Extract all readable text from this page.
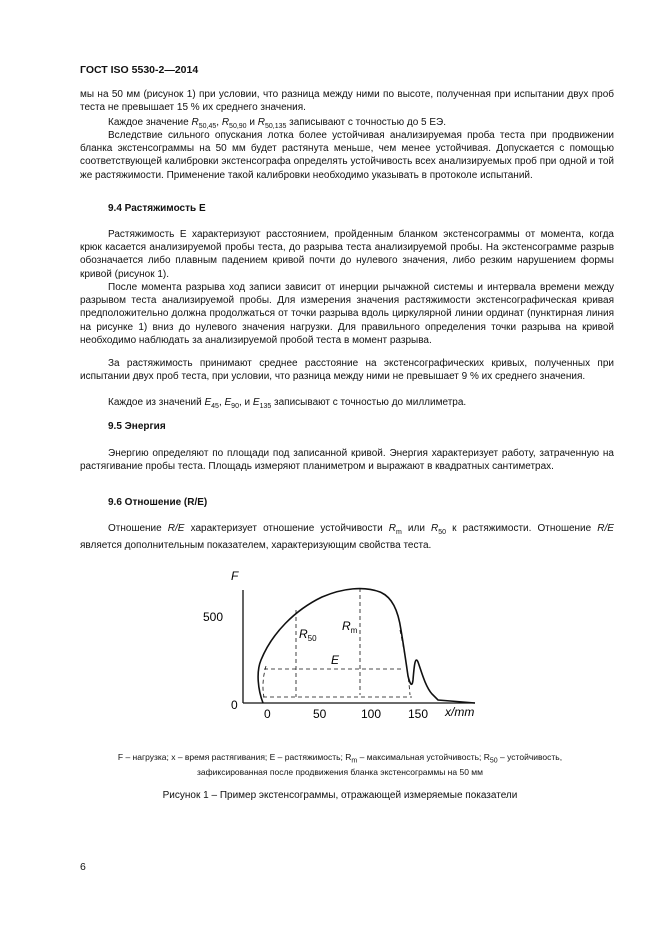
ГОСТ ISO 5530-2—2014

мы на 50 мм (рисунок 1) при условии, что разница между ними по высоте, полученная при испытании двух проб теста не превышает 15 % их среднего значения.

Каждое значение $R_{50,45}$, $R_{50,90}$ и $R_{50,135}$ записывают с точностью до 5 ЕЭ.

Вследствие сильного опускания лотка более устойчивая анализируемая проба теста при продвижении бланка экстенсограммы на 50 мм будет растянута меньше, чем менее устойчивая. Допускается с помощью соответствующей калибровки экстенсографа определять устойчивость всех анализируемых проб при одной и той же растяжимости. Применение такой калибровки необходимо указывать в протоколе испытаний.

9.4 Растяжимость Е

Растяжимость Е характеризуют расстоянием, пройденным бланком экстенсограммы от момента, когда крюк касается анализируемой пробы теста, до разрыва теста анализируемой пробы. На экстенсограмме разрыв обозначается либо плавным падением кривой почти до нулевого значения, либо резким нарушением формы кривой (рисунок 1).

После момента разрыва ход записи зависит от инерции рычажной системы и интервала времени между разрывом теста анализируемой пробы. Для измерения значения растяжимости экстенсографическая кривая предположительно должна продолжаться от точки разрыва вдоль циркулярной линии ординат (пунктирная линия на рисунке 1) вниз до нулевого значения нагрузки. Для правильного определения точки разрыва на кривой необходимо наблюдать за анализируемой пробой теста в момент разрыва.

За растяжимость принимают среднее расстояние на экстенсографических кривых, полученных при испытании двух проб теста, при условии, что разница между ними не превышает 9 % их среднего значения.

Каждое из значений $E_{45}$, $E_{90}$, и $E_{135}$ записывают с точностью до миллиметра.

9.5 Энергия

Энергию определяют по площади под записанной кривой. Энергия характеризует работу, затраченную на растягивание пробы теста. Площадь измеряют планиметром и выражают в квадратных сантиметрах.

9.6 Отношение (R/E)

Отношение R/E характеризует отношение устойчивости $R_m$ или $R_{50}$ к растяжимости. Отношение R/E является дополнительным показателем, характеризующим свойства теста.

F
500
0
0	50	100 150 x/mm
$R_{50}$
$R_m$
E
F – нагрузка; x – время растягивания; E – растяжимость; $R_m$ – максимальная устойчивость; $R_{50}$ – устойчивость,
зафиксированная после продвижения бланка экстенсограммы на 50 мм
Рисунок 1 – Пример экстенсограммы, отражающей измеряемые показатели
6
